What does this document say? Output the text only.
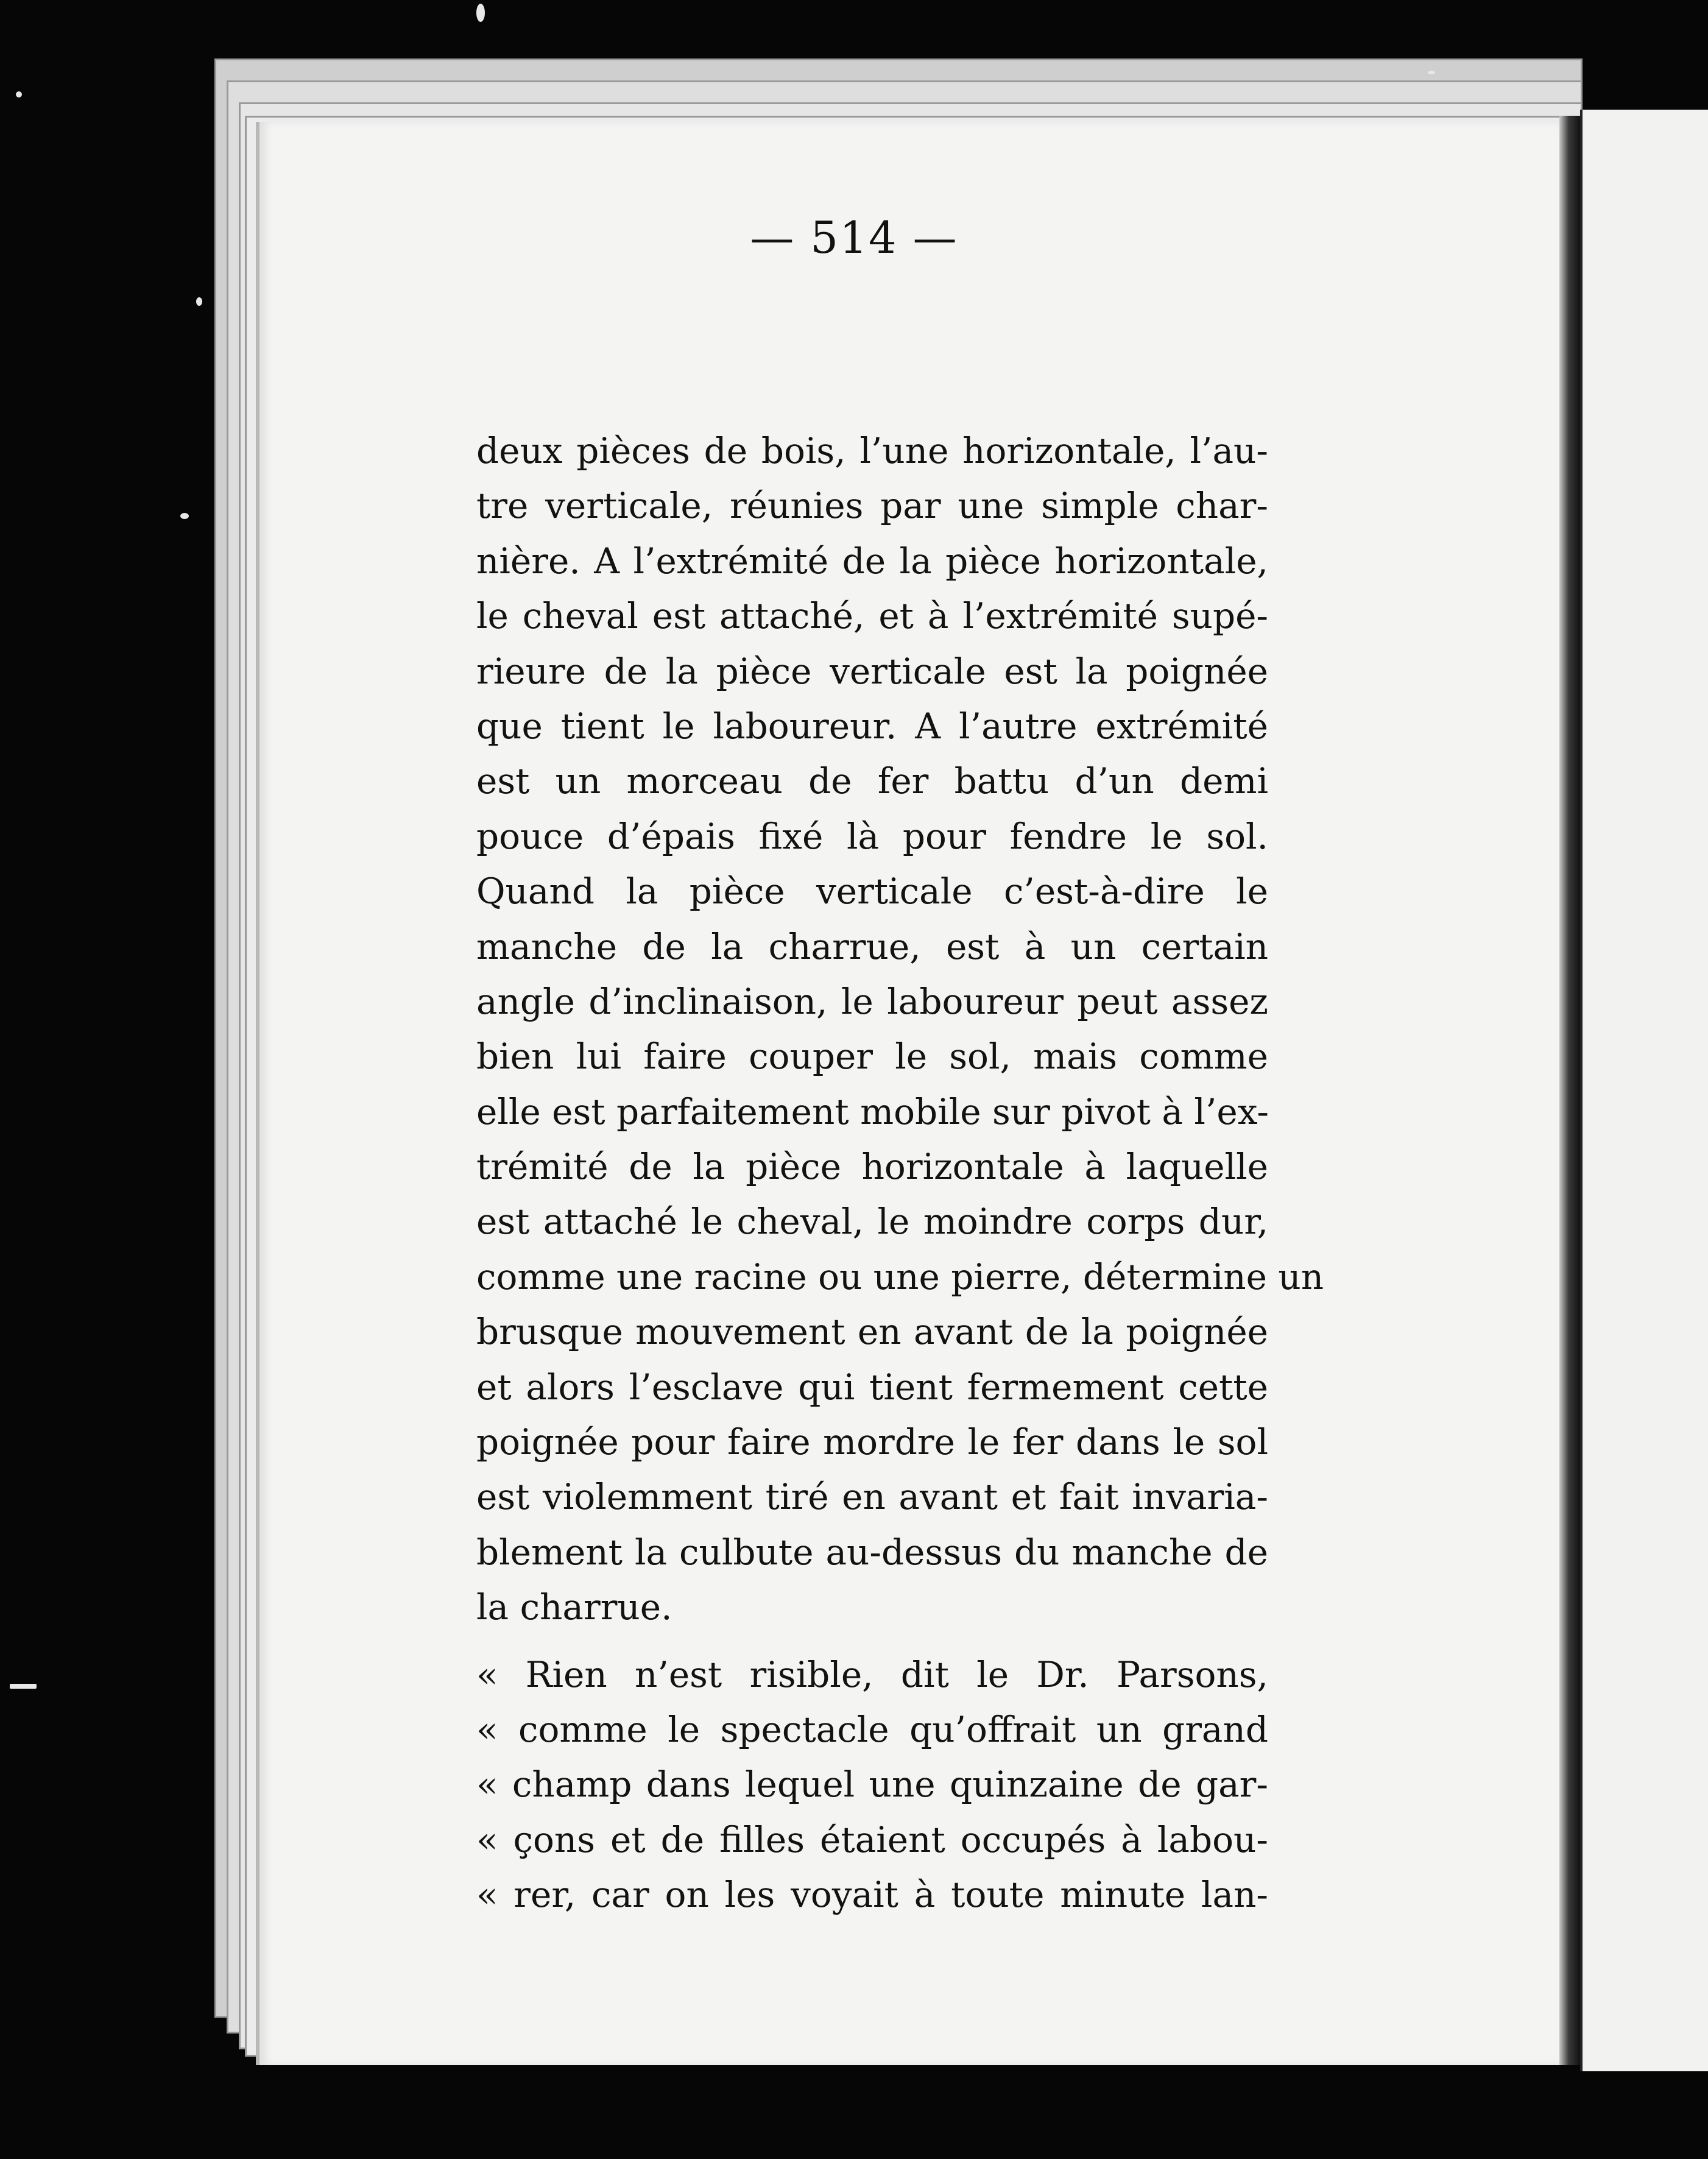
— 514 —
deux pièces de bois, l’une horizontale, l’au-
tre verticale, réunies par une simple char-
nière. A l’extrémité de la pièce horizontale,
le cheval est attaché, et à l’extrémité supé-
rieure de la pièce verticale est la poignée
que tient le laboureur. A l’autre extrémité
est un morceau de fer battu d’un demi
pouce d’épais fixé là pour fendre le sol.
Quand la pièce verticale c’est-à-dire le
manche de la charrue, est à un certain
angle d’inclinaison, le laboureur peut assez
bien lui faire couper le sol, mais comme
elle est parfaitement mobile sur pivot à l’ex-
trémité de la pièce horizontale à laquelle
est attaché le cheval, le moindre corps dur,
comme une racine ou une pierre, détermine un
brusque mouvement en avant de la poignée
et alors l’esclave qui tient fermement cette
poignée pour faire mordre le fer dans le sol
est violemment tiré en avant et fait invaria-
blement la culbute au-dessus du manche de
la charrue.
« Rien n’est risible, dit le Dr. Parsons,
« comme le spectacle qu’offrait un grand
« champ dans lequel une quinzaine de gar-
« çons et de filles étaient occupés à labou-
« rer, car on les voyait à toute minute lan-
